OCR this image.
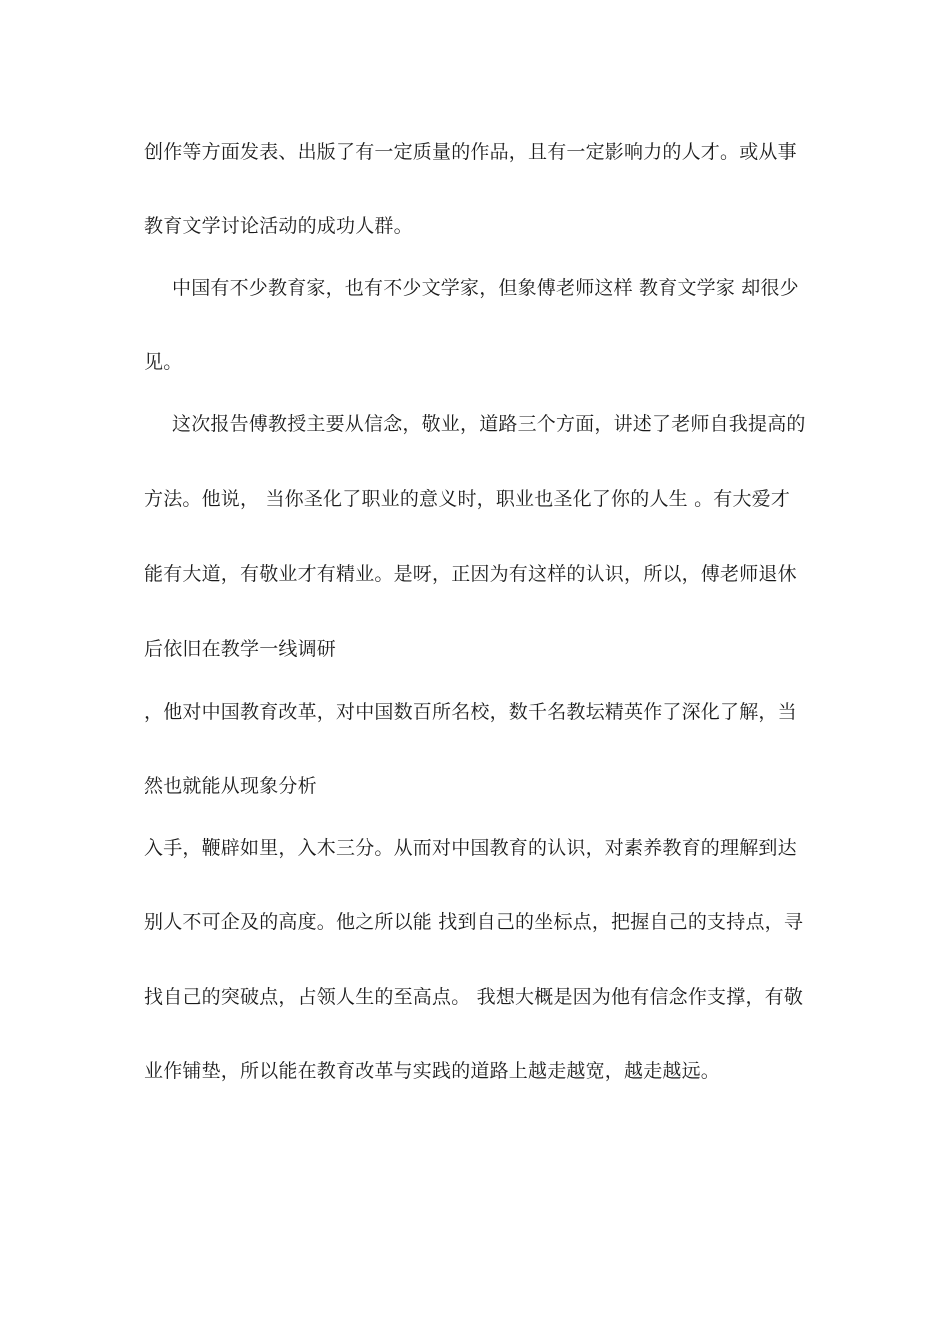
创作等方面发表、出版了有一定质量的作品，且有一定影响力的人才。或从事
教育文学讨论活动的成功人群。
中国有不少教育家，也有不少文学家，但象傅老师这样 教育文学家 却很少
见。
这次报告傅教授主要从信念，敬业，道路三个方面，讲述了老师自我提高的
方法。他说， 当你圣化了职业的意义时，职业也圣化了你的人生 。有大爱才
能有大道，有敬业才有精业。是呀，正因为有这样的认识，所以，傅老师退休
后依旧在教学一线调研
，他对中国教育改革，对中国数百所名校，数千名教坛精英作了深化了解，当
然也就能从现象分析
入手，鞭辟如里，入木三分。从而对中国教育的认识，对素养教育的理解到达
别人不可企及的高度。他之所以能 找到自己的坐标点，把握自己的支持点，寻
找自己的突破点，占领人生的至高点。 我想大概是因为他有信念作支撑，有敬
业作铺垫，所以能在教育改革与实践的道路上越走越宽，越走越远。
